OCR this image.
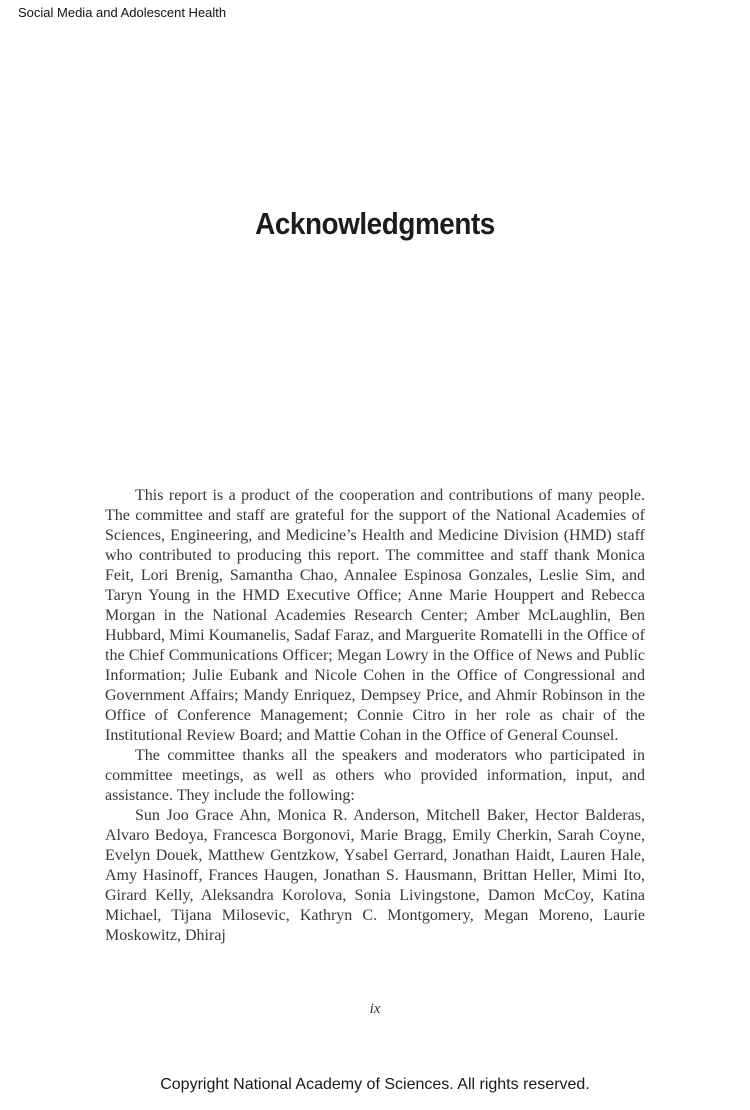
Social Media and Adolescent Health
Acknowledgments

This report is a product of the cooperation and contributions of many people. The committee and staff are grateful for the support of the National Academies of Sciences, Engineering, and Medicine’s Health and Medicine Division (HMD) staff who contributed to producing this report. The committee and staff thank Monica Feit, Lori Brenig, Samantha Chao, Annalee Espinosa Gonzales, Leslie Sim, and Taryn Young in the HMD Executive Office; Anne Marie Houppert and Rebecca Morgan in the National Academies Research Center; Amber McLaughlin, Ben Hubbard, Mimi Koumanelis, Sadaf Faraz, and Marguerite Romatelli in the Office of the Chief Communications Officer; Megan Lowry in the Office of News and Public Information; Julie Eubank and Nicole Cohen in the Office of Congressional and Government Affairs; Mandy Enriquez, Dempsey Price, and Ahmir Robinson in the Office of Conference Management; Connie Citro in her role as chair of the Institutional Review Board; and Mattie Cohan in the Office of General Counsel.

The committee thanks all the speakers and moderators who participated in committee meetings, as well as others who provided information, input, and assistance. They include the following:

Sun Joo Grace Ahn, Monica R. Anderson, Mitchell Baker, Hector Balderas, Alvaro Bedoya, Francesca Borgonovi, Marie Bragg, Emily Cherkin, Sarah Coyne, Evelyn Douek, Matthew Gentzkow, Ysabel Gerrard, Jonathan Haidt, Lauren Hale, Amy Hasinoff, Frances Haugen, Jonathan S. Hausmann, Brittan Heller, Mimi Ito, Girard Kelly, Aleksandra Korolova, Sonia Livingstone, Damon McCoy, Katina Michael, Tijana Milosevic, Kathryn C. Montgomery, Megan Moreno, Laurie Moskowitz, Dhiraj

ix
Copyright National Academy of Sciences. All rights reserved.
